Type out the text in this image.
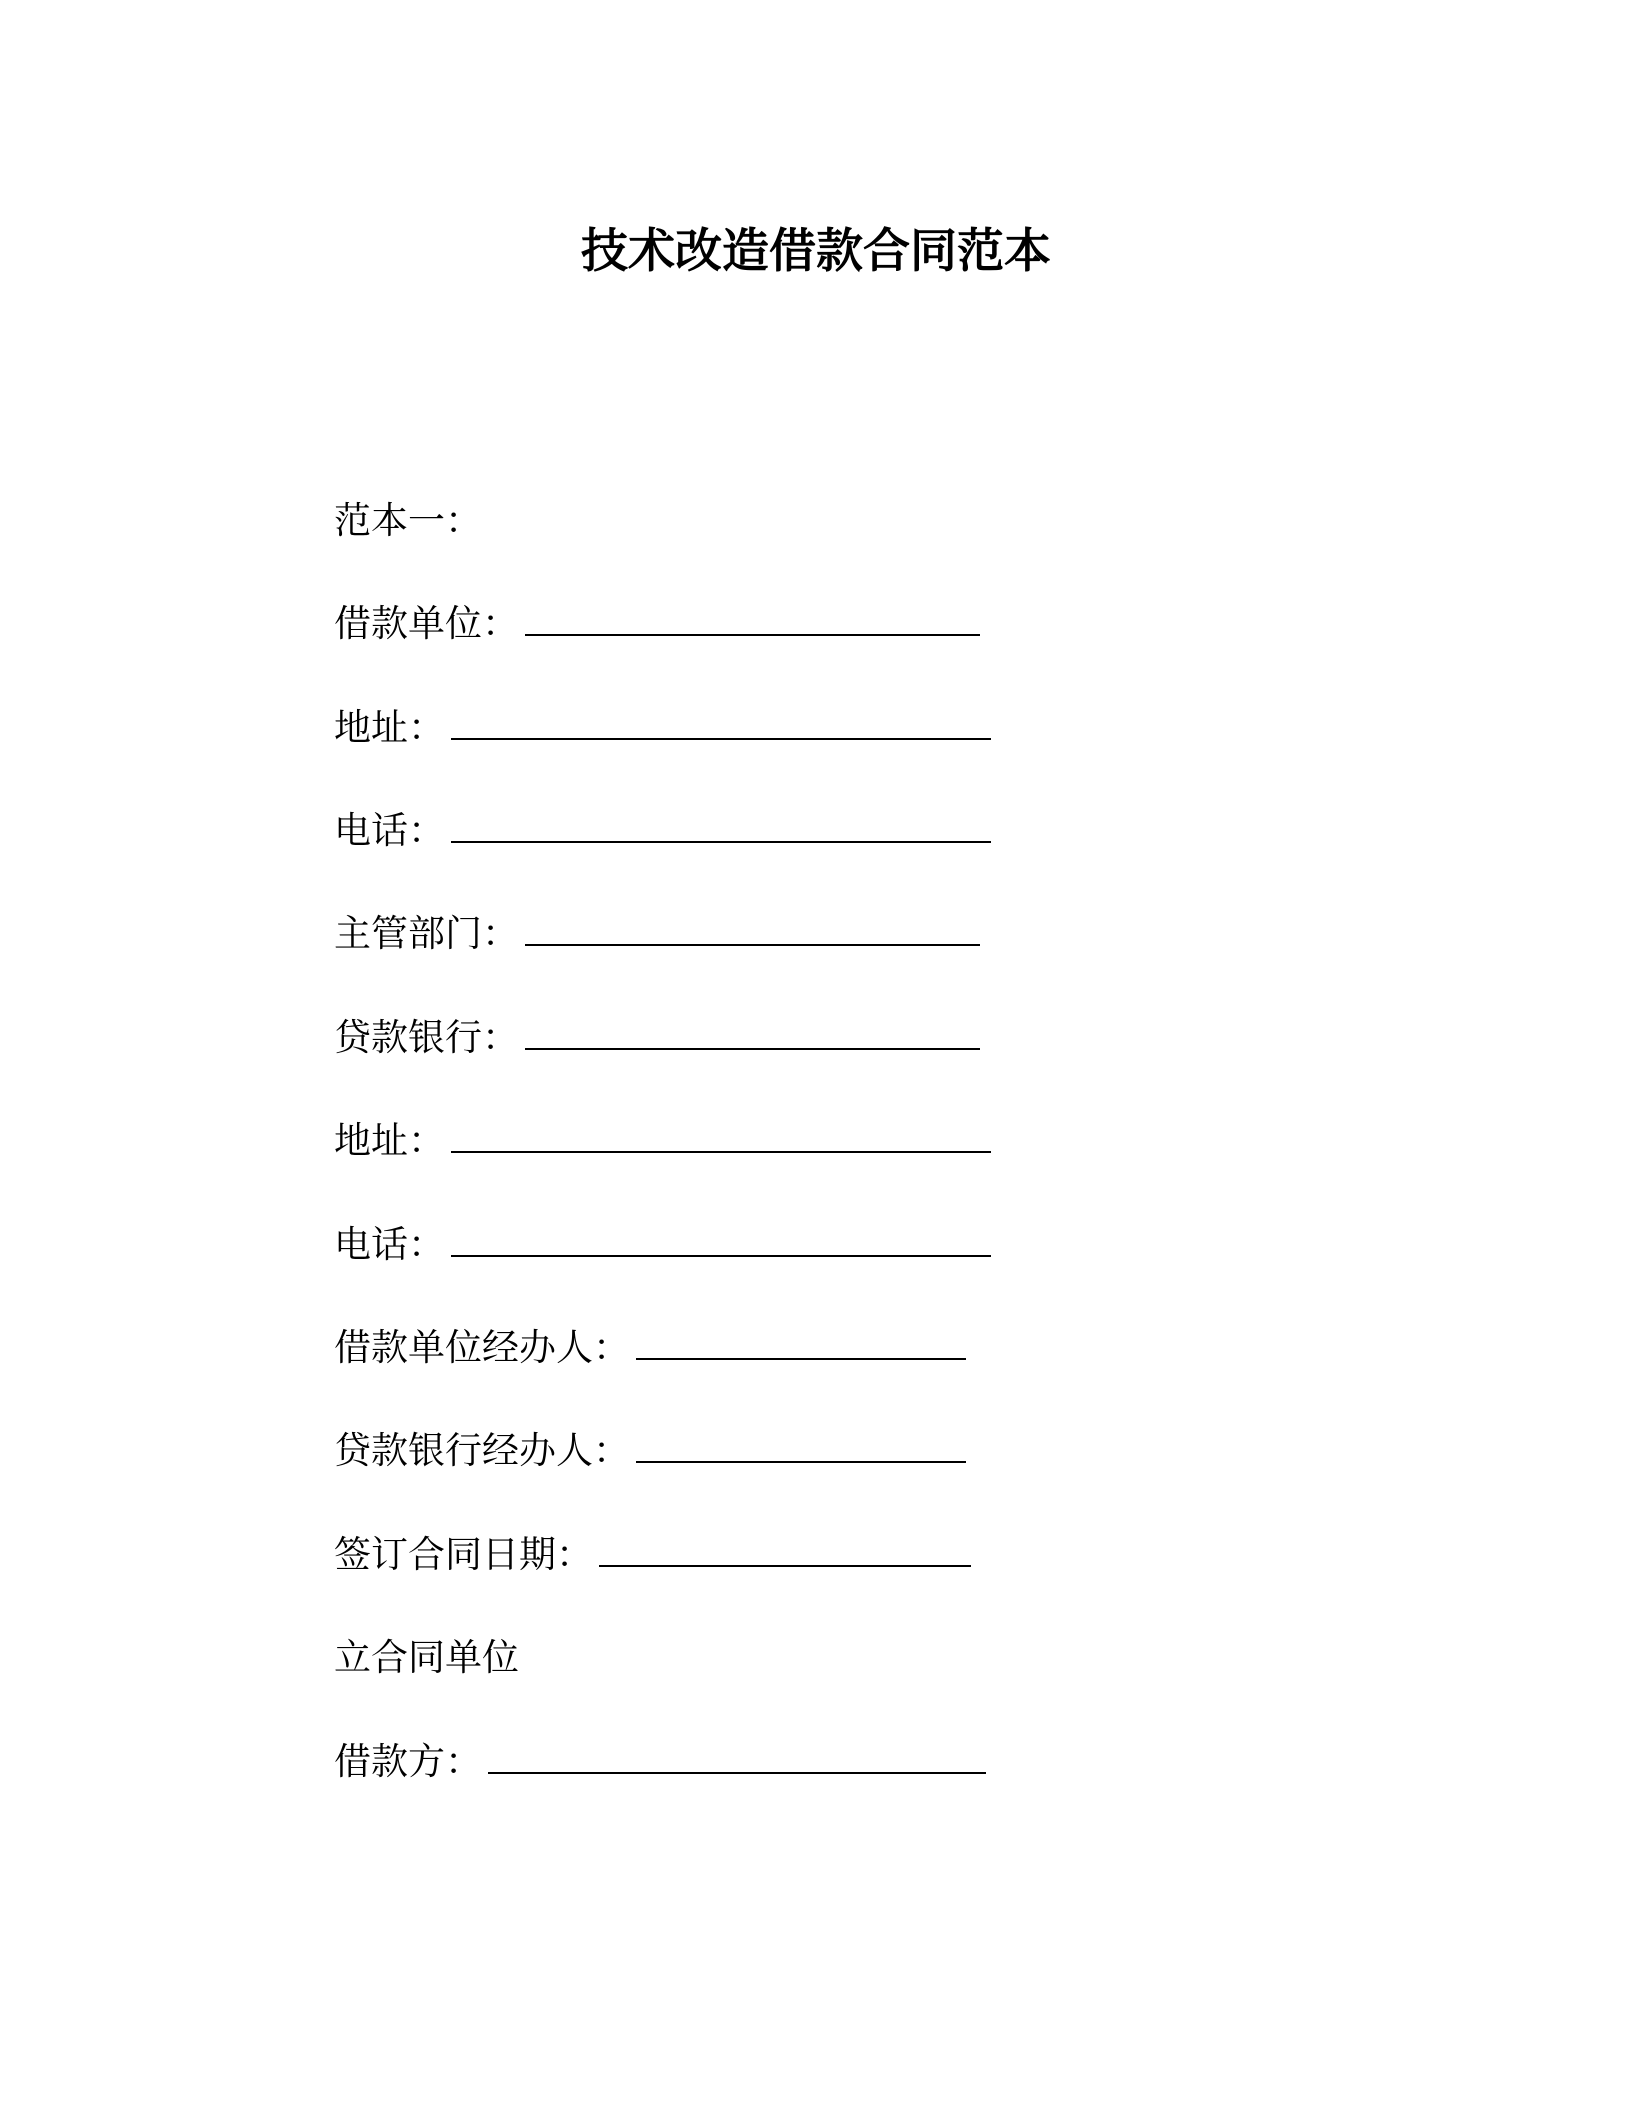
技术改造借款合同范本
范本一：
借款单位：
地址：
电话：
主管部门：
贷款银行：
地址：
电话：
借款单位经办人：
贷款银行经办人：
签订合同日期：
立合同单位
借款方：
